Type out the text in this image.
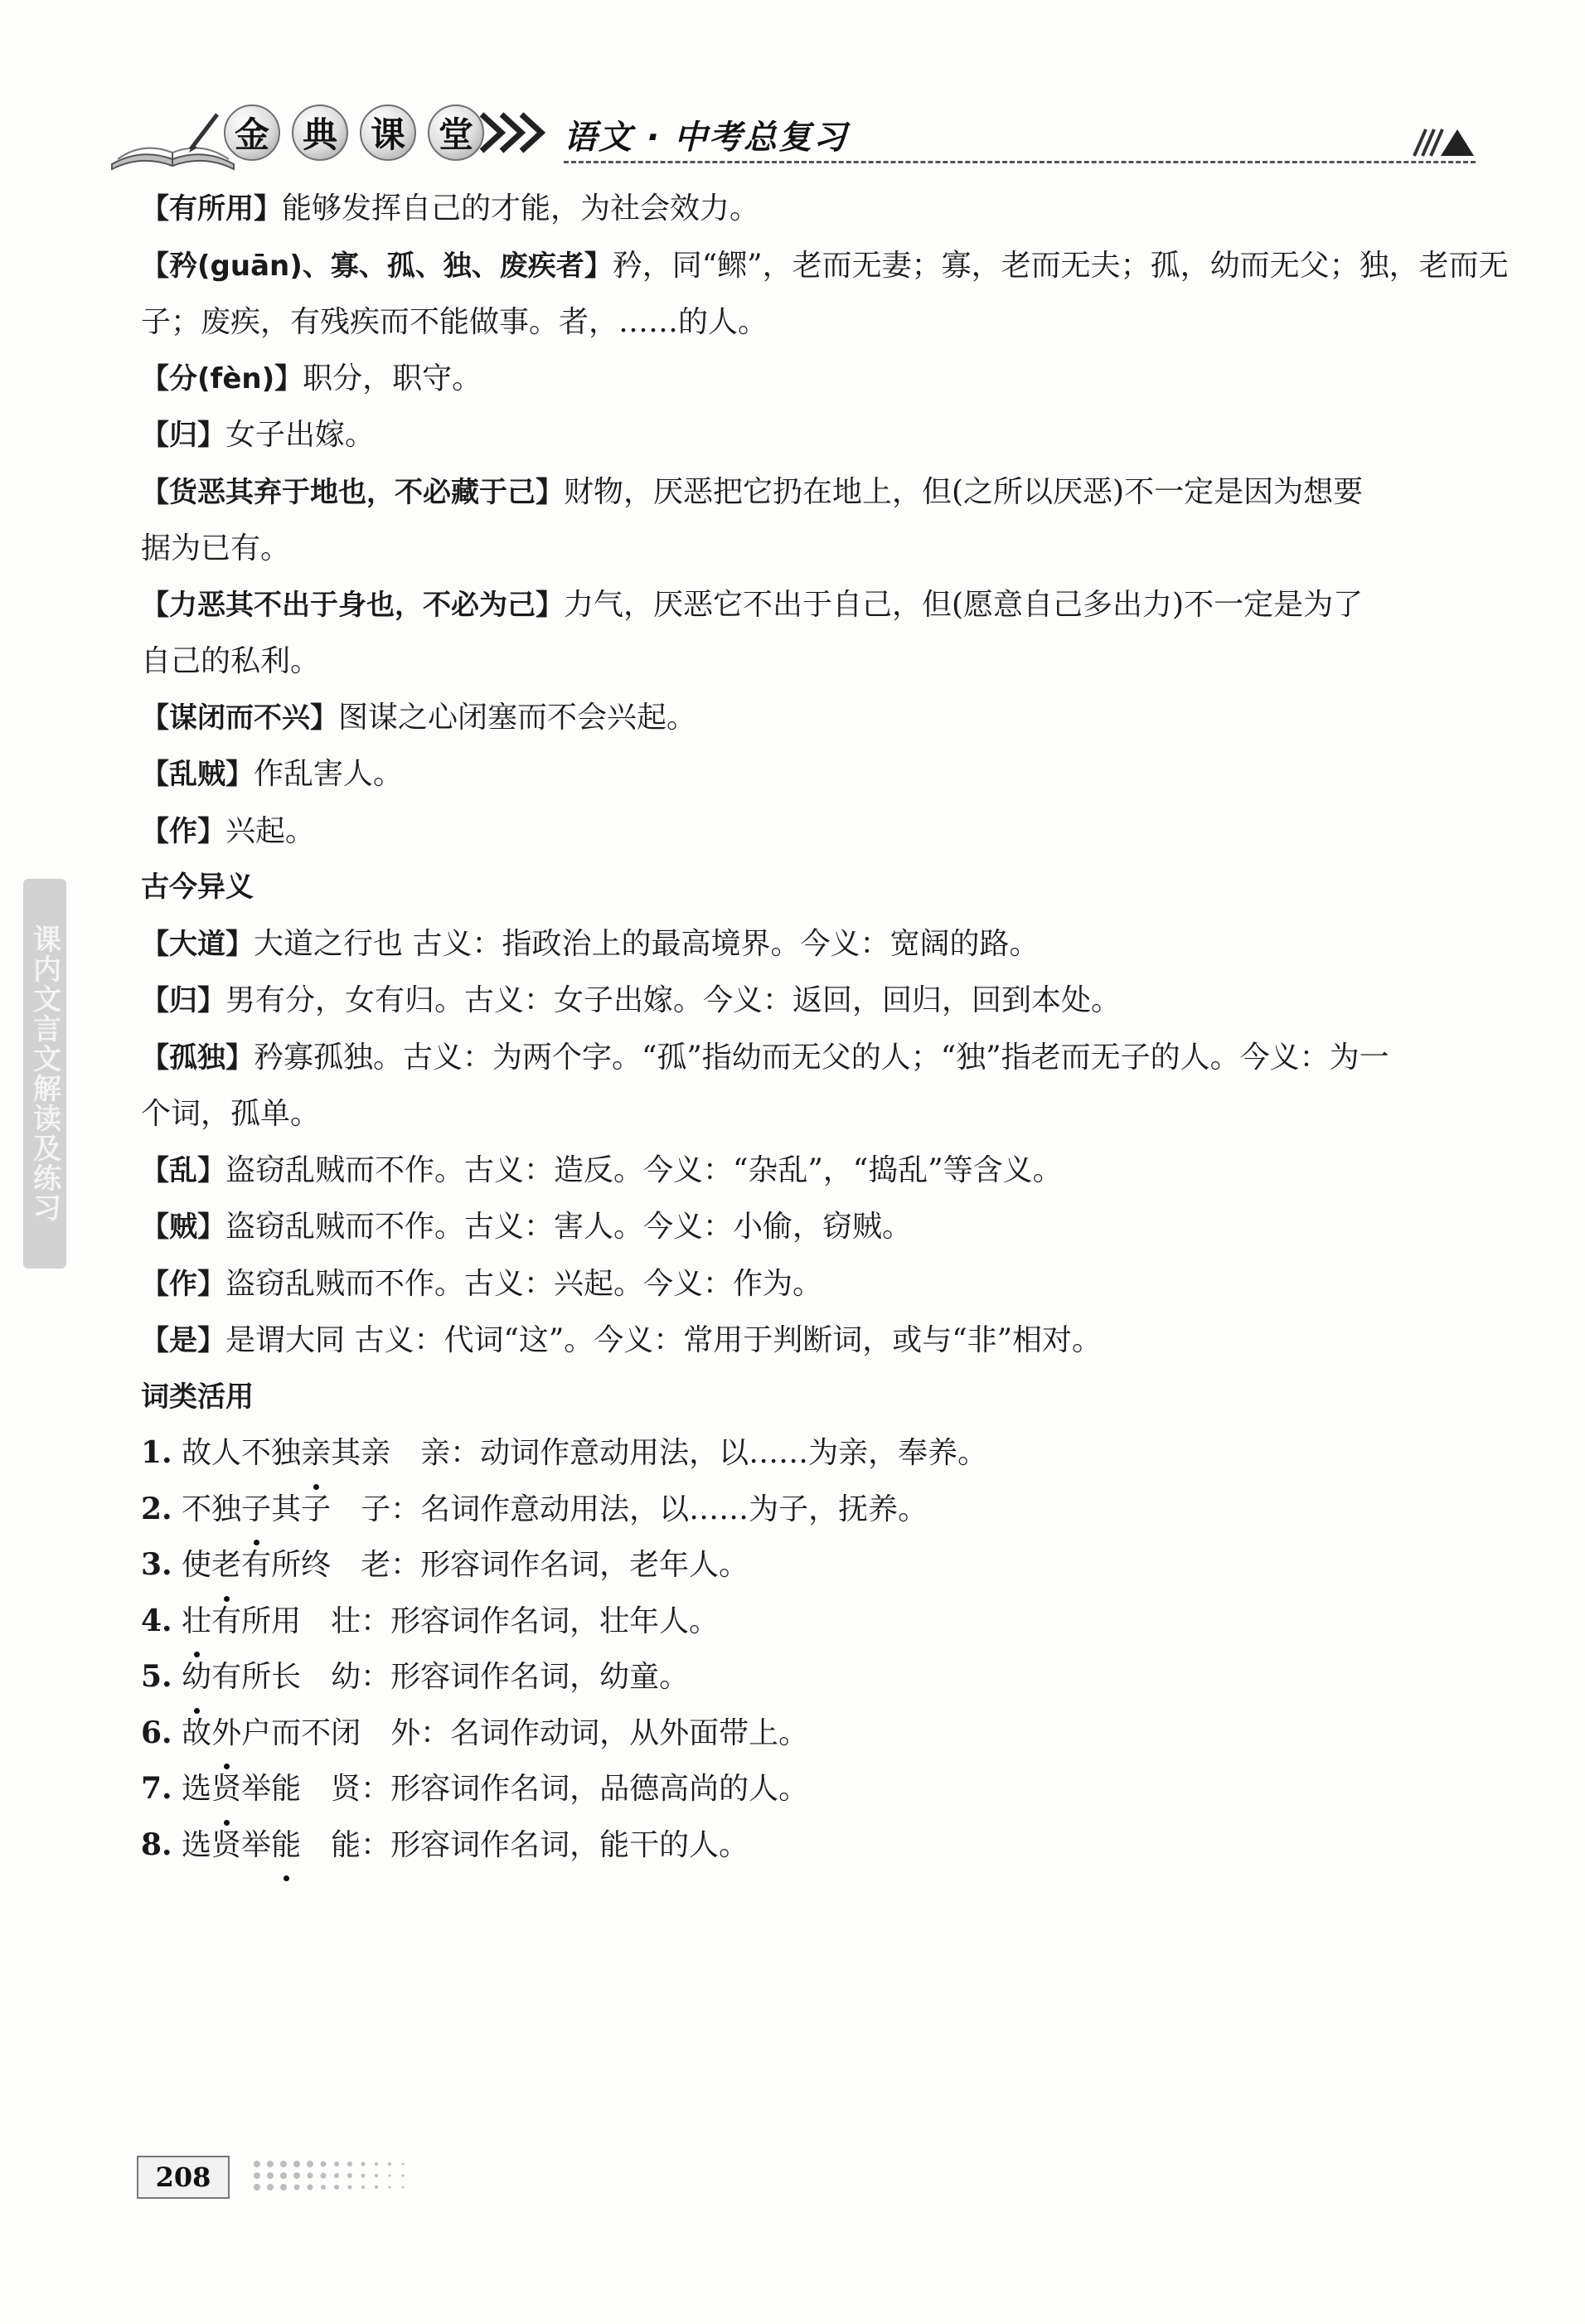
金 典 课 堂	语文 · 中考总复习
课内文言文解读及练习
【有所用】能够发挥自己的才能，为社会效力。
【矜(guān)、寡、孤、独、废疾者】矜，同“鳏”，老而无妻；寡，老而无夫；孤，幼而无父；独，老而无
子；废疾，有残疾而不能做事。者，……的人。
【分(fèn)】职分，职守。
【归】女子出嫁。
【货恶其弃于地也，不必藏于己】财物，厌恶把它扔在地上，但(之所以厌恶)不一定是因为想要
据为已有。
【力恶其不出于身也，不必为己】力气，厌恶它不出于自己，但(愿意自己多出力)不一定是为了
自己的私利。
【谋闭而不兴】图谋之心闭塞而不会兴起。
【乱贼】作乱害人。
【作】兴起。
古今异义
【大道】大道之行也 古义：指政治上的最高境界。今义：宽阔的路。
【归】男有分，女有归。古义：女子出嫁。今义：返回，回归，回到本处。
【孤独】矜寡孤独。古义：为两个字。“孤”指幼而无父的人；“独”指老而无子的人。今义：为一
个词，孤单。
【乱】盗窃乱贼而不作。古义：造反。今义：“杂乱”，“捣乱”等含义。
【贼】盗窃乱贼而不作。古义：害人。今义：小偷，窃贼。
【作】盗窃乱贼而不作。古义：兴起。今义：作为。
【是】是谓大同 古义：代词“这”。今义：常用于判断词，或与“非”相对。
词类活用
1. 故人不独亲其亲 亲：动词作意动用法，以……为亲，奉养。
2. 不独子其子 子：名词作意动用法，以……为子，抚养。
3. 使老有所终 老：形容词作名词，老年人。
4. 壮有所用 壮：形容词作名词，壮年人。
5. 幼有所长 幼：形容词作名词，幼童。
6. 故外户而不闭 外：名词作动词，从外面带上。
7. 选贤举能 贤：形容词作名词，品德高尚的人。
8. 选贤举能 能：形容词作名词，能干的人。
208
